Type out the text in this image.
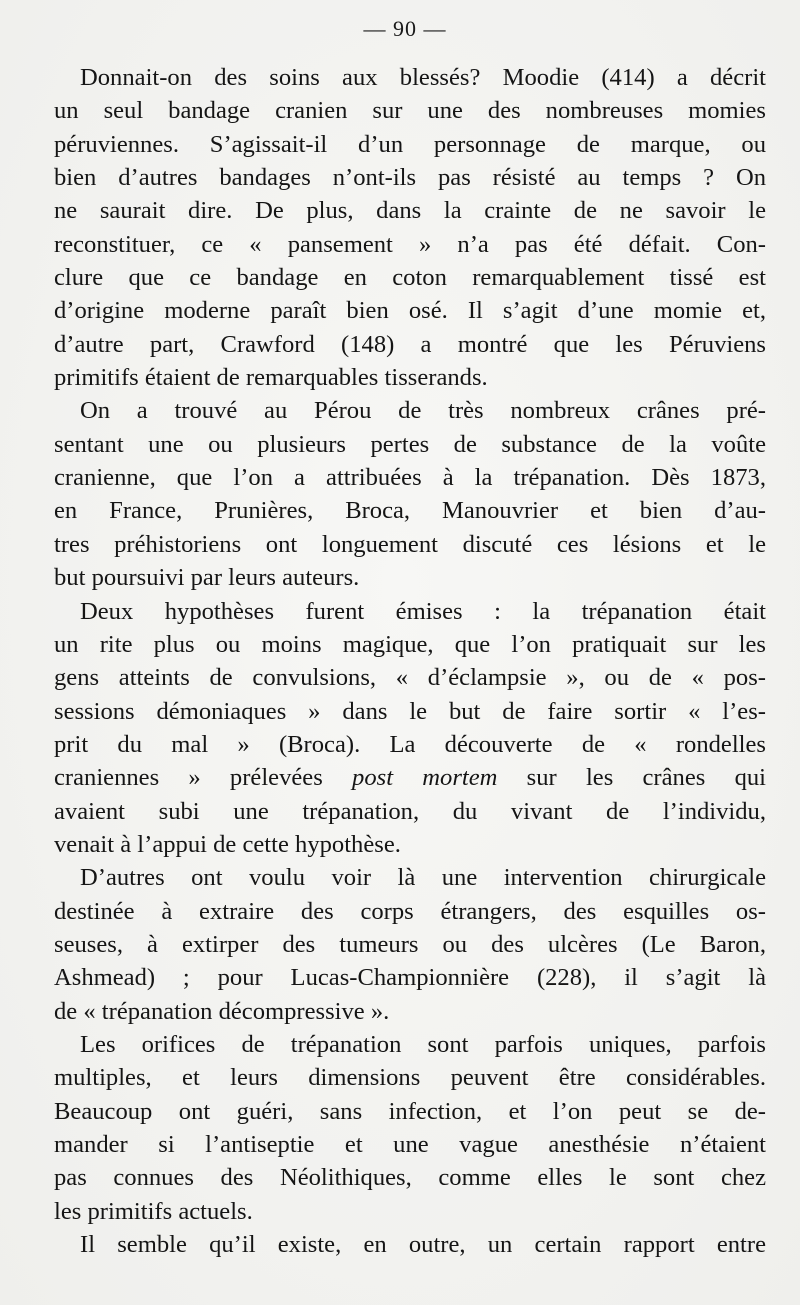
— 90 —
Donnait-on des soins aux blessés? Moodie (414) a décrit
un seul bandage cranien sur une des nombreuses momies
péruviennes. S’agissait-il d’un personnage de marque, ou
bien d’autres bandages n’ont-ils pas résisté au temps ? On
ne saurait dire. De plus, dans la crainte de ne savoir le
reconstituer, ce « pansement » n’a pas été défait. Con-
clure que ce bandage en coton remarquablement tissé est
d’origine moderne paraît bien osé. Il s’agit d’une momie et,
d’autre part, Crawford (148) a montré que les Péruviens
primitifs étaient de remarquables tisserands.
On a trouvé au Pérou de très nombreux crânes pré-
sentant une ou plusieurs pertes de substance de la voûte
cranienne, que l’on a attribuées à la trépanation. Dès 1873,
en France, Prunières, Broca, Manouvrier et bien d’au-
tres préhistoriens ont longuement discuté ces lésions et le
but poursuivi par leurs auteurs.
Deux hypothèses furent émises : la trépanation était
un rite plus ou moins magique, que l’on pratiquait sur les
gens atteints de convulsions, « d’éclampsie », ou de « pos-
sessions démoniaques » dans le but de faire sortir « l’es-
prit du mal » (Broca). La découverte de « rondelles
craniennes » prélevées post mortem sur les crânes qui
avaient subi une trépanation, du vivant de l’individu,
venait à l’appui de cette hypothèse.
D’autres ont voulu voir là une intervention chirurgicale
destinée à extraire des corps étrangers, des esquilles os-
seuses, à extirper des tumeurs ou des ulcères (Le Baron,
Ashmead) ; pour Lucas-Championnière (228), il s’agit là
de « trépanation décompressive ».
Les orifices de trépanation sont parfois uniques, parfois
multiples, et leurs dimensions peuvent être considérables.
Beaucoup ont guéri, sans infection, et l’on peut se de-
mander si l’antiseptie et une vague anesthésie n’étaient
pas connues des Néolithiques, comme elles le sont chez
les primitifs actuels.
Il semble qu’il existe, en outre, un certain rapport entre
